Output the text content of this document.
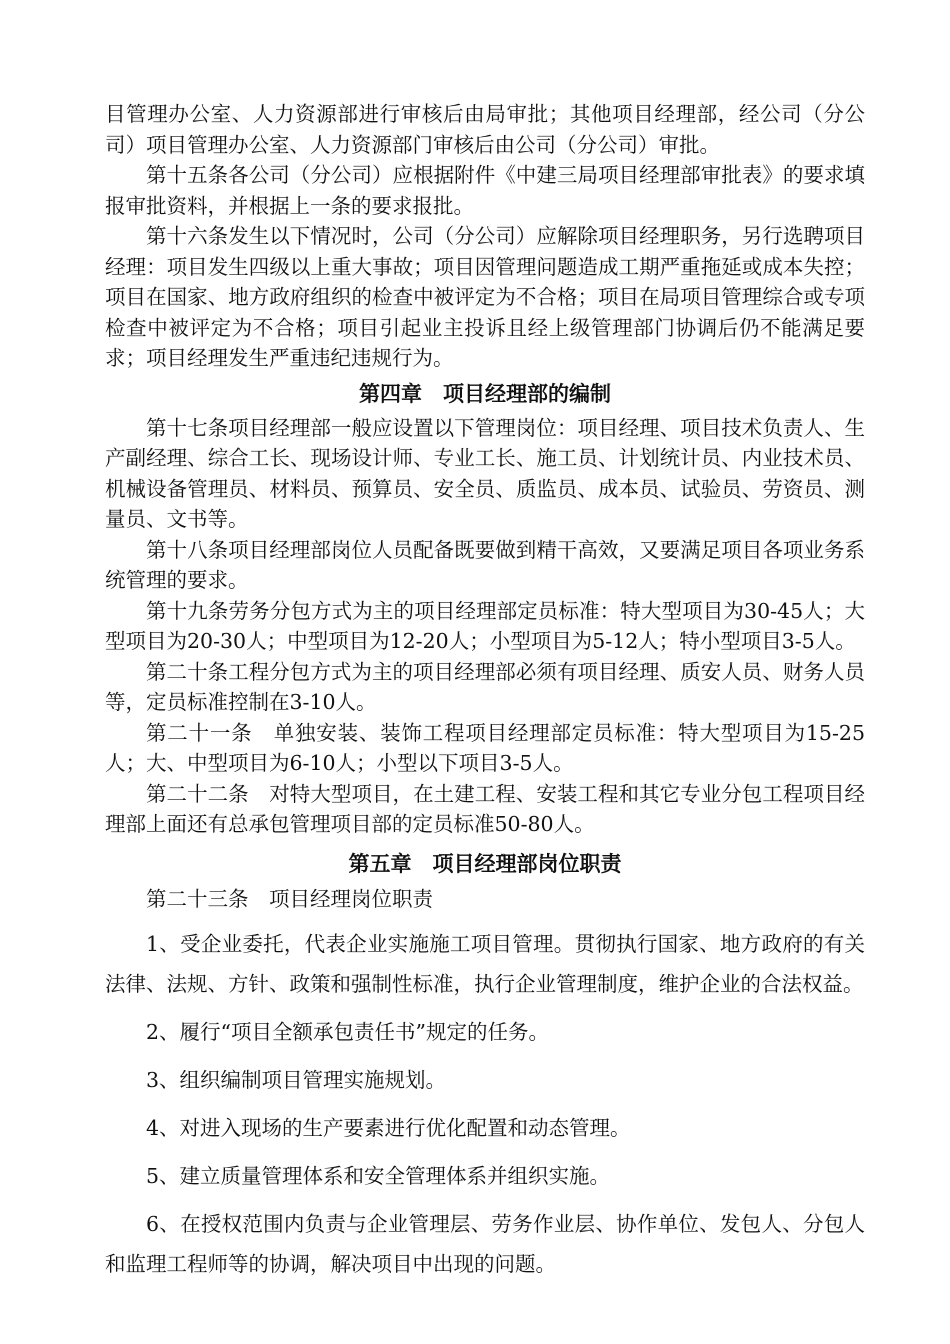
目管理办公室、人力资源部进行审核后由局审批；其他项目经理部，经公司（分公司）项目管理办公室、人力资源部门审核后由公司（分公司）审批。

第十五条各公司（分公司）应根据附件《中建三局项目经理部审批表》的要求填报审批资料，并根据上一条的要求报批。

第十六条发生以下情况时，公司（分公司）应解除项目经理职务，另行选聘项目经理：项目发生四级以上重大事故；项目因管理问题造成工期严重拖延或成本失控；项目在国家、地方政府组织的检查中被评定为不合格；项目在局项目管理综合或专项检查中被评定为不合格；项目引起业主投诉且经上级管理部门协调后仍不能满足要求；项目经理发生严重违纪违规行为。

第四章　项目经理部的编制

第十七条项目经理部一般应设置以下管理岗位：项目经理、项目技术负责人、生产副经理、综合工长、现场设计师、专业工长、施工员、计划统计员、内业技术员、机械设备管理员、材料员、预算员、安全员、质监员、成本员、试验员、劳资员、测量员、文书等。

第十八条项目经理部岗位人员配备既要做到精干高效，又要满足项目各项业务系统管理的要求。

第十九条劳务分包方式为主的项目经理部定员标准：特大型项目为30-45人；大型项目为20-30人；中型项目为12-20人；小型项目为5-12人；特小型项目3-5人。

第二十条工程分包方式为主的项目经理部必须有项目经理、质安人员、财务人员等，定员标准控制在3-10人。

第二十一条　单独安装、装饰工程项目经理部定员标准：特大型项目为15-25人；大、中型项目为6-10人；小型以下项目3-5人。

第二十二条　对特大型项目，在土建工程、安装工程和其它专业分包工程项目经理部上面还有总承包管理项目部的定员标准50-80人。

第五章　项目经理部岗位职责

第二十三条　项目经理岗位职责

1、受企业委托，代表企业实施施工项目管理。贯彻执行国家、地方政府的有关法律、法规、方针、政策和强制性标准，执行企业管理制度，维护企业的合法权益。

2、履行“项目全额承包责任书”规定的任务。

3、组织编制项目管理实施规划。

4、对进入现场的生产要素进行优化配置和动态管理。

5、建立质量管理体系和安全管理体系并组织实施。

6、在授权范围内负责与企业管理层、劳务作业层、协作单位、发包人、分包人和监理工程师等的协调，解决项目中出现的问题。
